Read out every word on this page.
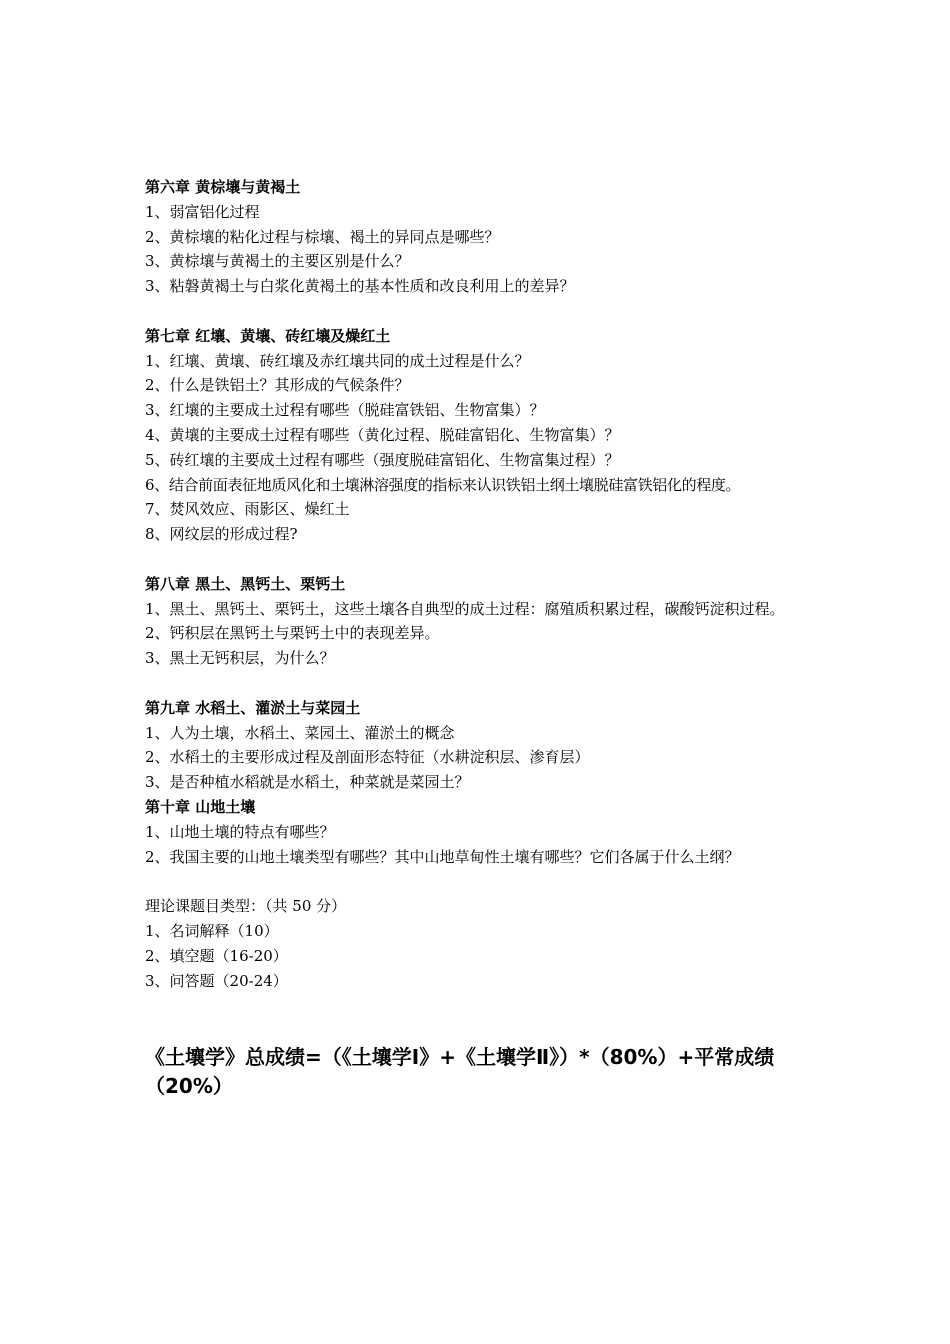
第六章 黄棕壤与黄褐土
1、弱富铝化过程
2、黄棕壤的粘化过程与棕壤、褐土的异同点是哪些？
3、黄棕壤与黄褐土的主要区别是什么？
3、粘磐黄褐土与白浆化黄褐土的基本性质和改良利用上的差异？
第七章 红壤、黄壤、砖红壤及燥红土
1、红壤、黄壤、砖红壤及赤红壤共同的成土过程是什么？
2、什么是铁铝土？其形成的气候条件？
3、红壤的主要成土过程有哪些（脱硅富铁铝、生物富集）？
4、黄壤的主要成土过程有哪些（黄化过程、脱硅富铝化、生物富集）？
5、砖红壤的主要成土过程有哪些（强度脱硅富铝化、生物富集过程）？
6、结合前面表征地质风化和土壤淋溶强度的指标来认识铁铝土纲土壤脱硅富铁铝化的程度。
7、焚风效应、雨影区、燥红土
8、网纹层的形成过程?
第八章 黑土、黑钙土、栗钙土
1、黑土、黑钙土、栗钙土，这些土壤各自典型的成土过程：腐殖质积累过程，碳酸钙淀积过程。
2、钙积层在黑钙土与栗钙土中的表现差异。
3、黑土无钙积层，为什么？
第九章 水稻土、灌淤土与菜园土
1、人为土壤，水稻土、菜园土、灌淤土的概念
2、水稻土的主要形成过程及剖面形态特征（水耕淀积层、渗育层）
3、是否种植水稻就是水稻土，种菜就是菜园土？
第十章 山地土壤
1、山地土壤的特点有哪些？
2、我国主要的山地土壤类型有哪些？其中山地草甸性土壤有哪些？它们各属于什么土纲？
理论课题目类型：（共 50 分）
1、名词解释（10）
2、填空题（16-20）
3、问答题（20-24）
《土壤学》总成绩=（《土壤学Ⅰ》+《土壤学Ⅱ》）*（80%）+平常成绩（20%）
